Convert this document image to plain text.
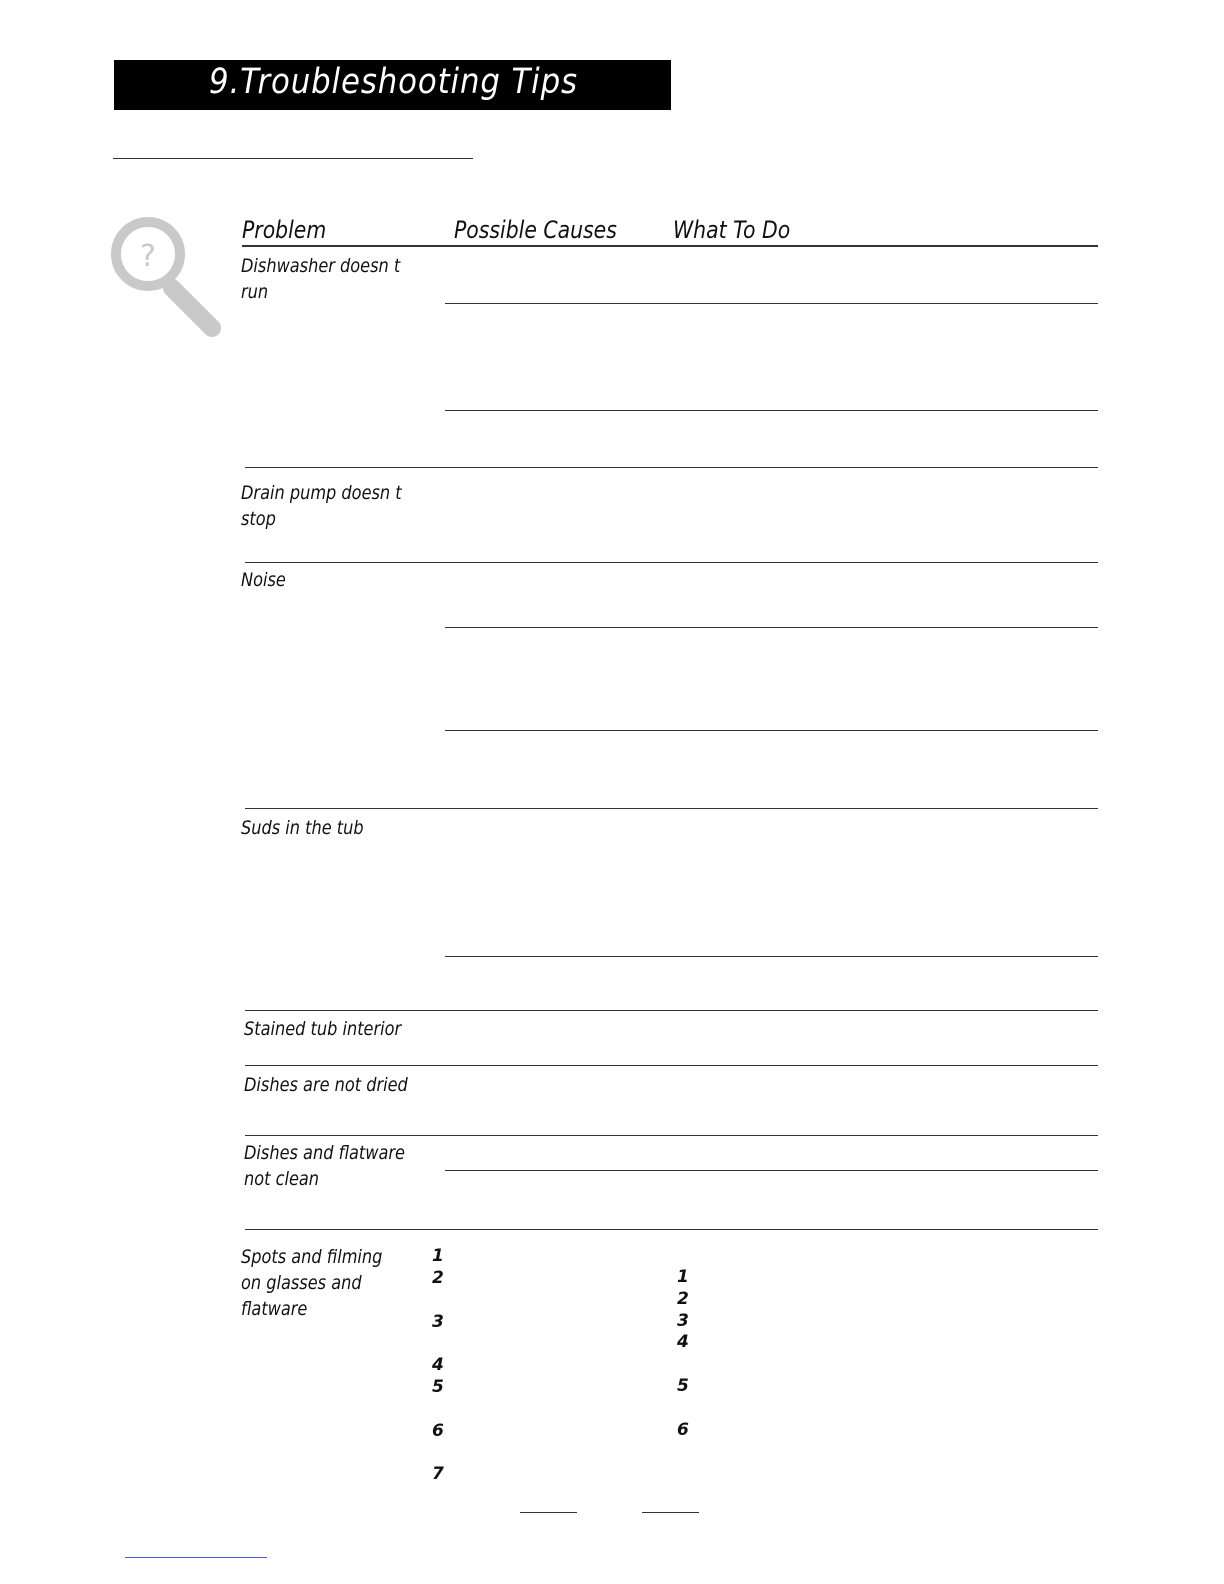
9.Troubleshooting Tips
?
Problem	Possible Causes What To Do
Dishwasher doesn t
run
Drain pump doesn t
stop
Noise
Suds in the tub
Stained tub interior
Dishes are not dried
Dishes and flatware
not clean
Spots and filming
on glasses and
flatware
1
2
3
4
5
6
7
1
2
3
4
5
6
